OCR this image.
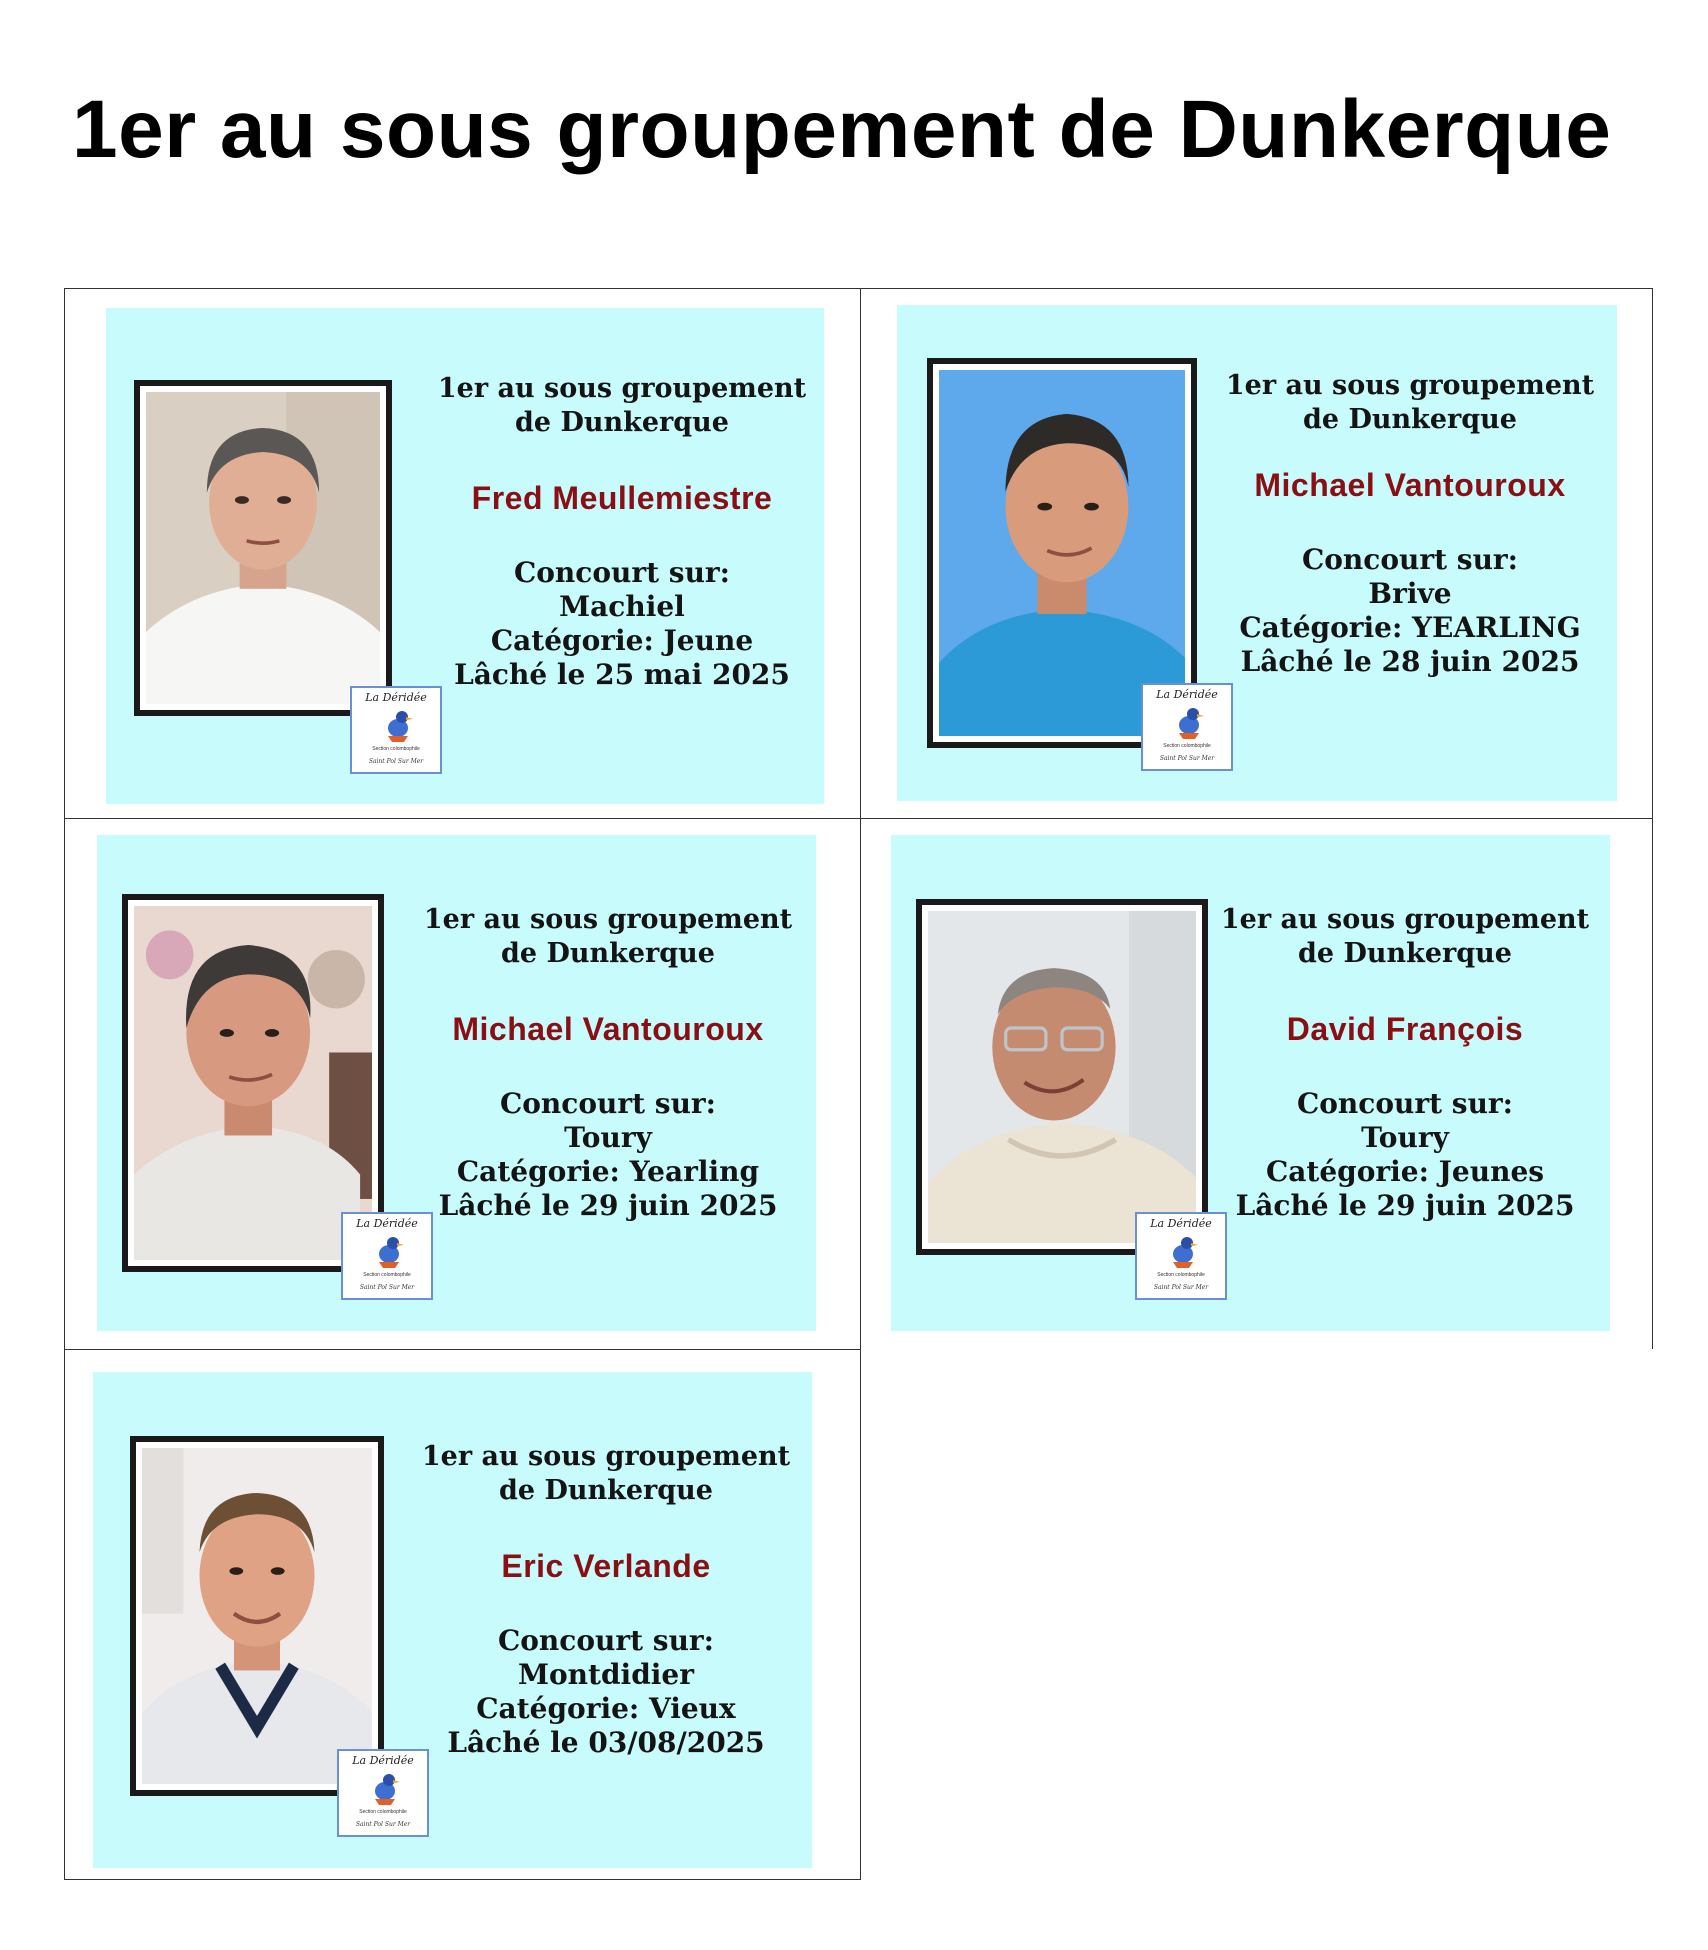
1er au sous groupement de Dunkerque
1er au sous groupement
de Dunkerque
Fred Meullemiestre
Concourt sur:
Machiel
Catégorie: Jeune
Lâché le 25 mai 2025
La Déridée
Section colombophile
Saint Pol Sur Mer
1er au sous groupement
de Dunkerque
Michael Vantouroux
Concourt sur:
Brive
Catégorie: YEARLING
Lâché le 28 juin 2025
La Déridée
Section colombophile
Saint Pol Sur Mer
1er au sous groupement
de Dunkerque
Michael Vantouroux
Concourt sur:
Toury
Catégorie: Yearling
Lâché le 29 juin 2025
La Déridée
Section colombophile
Saint Pol Sur Mer
1er au sous groupement
de Dunkerque
David François
Concourt sur:
Toury
Catégorie: Jeunes
Lâché le 29 juin 2025
La Déridée
Section colombophile
Saint Pol Sur Mer
1er au sous groupement
de Dunkerque
Eric Verlande
Concourt sur:
Montdidier
Catégorie: Vieux
Lâché le 03/08/2025
La Déridée
Section colombophile
Saint Pol Sur Mer
